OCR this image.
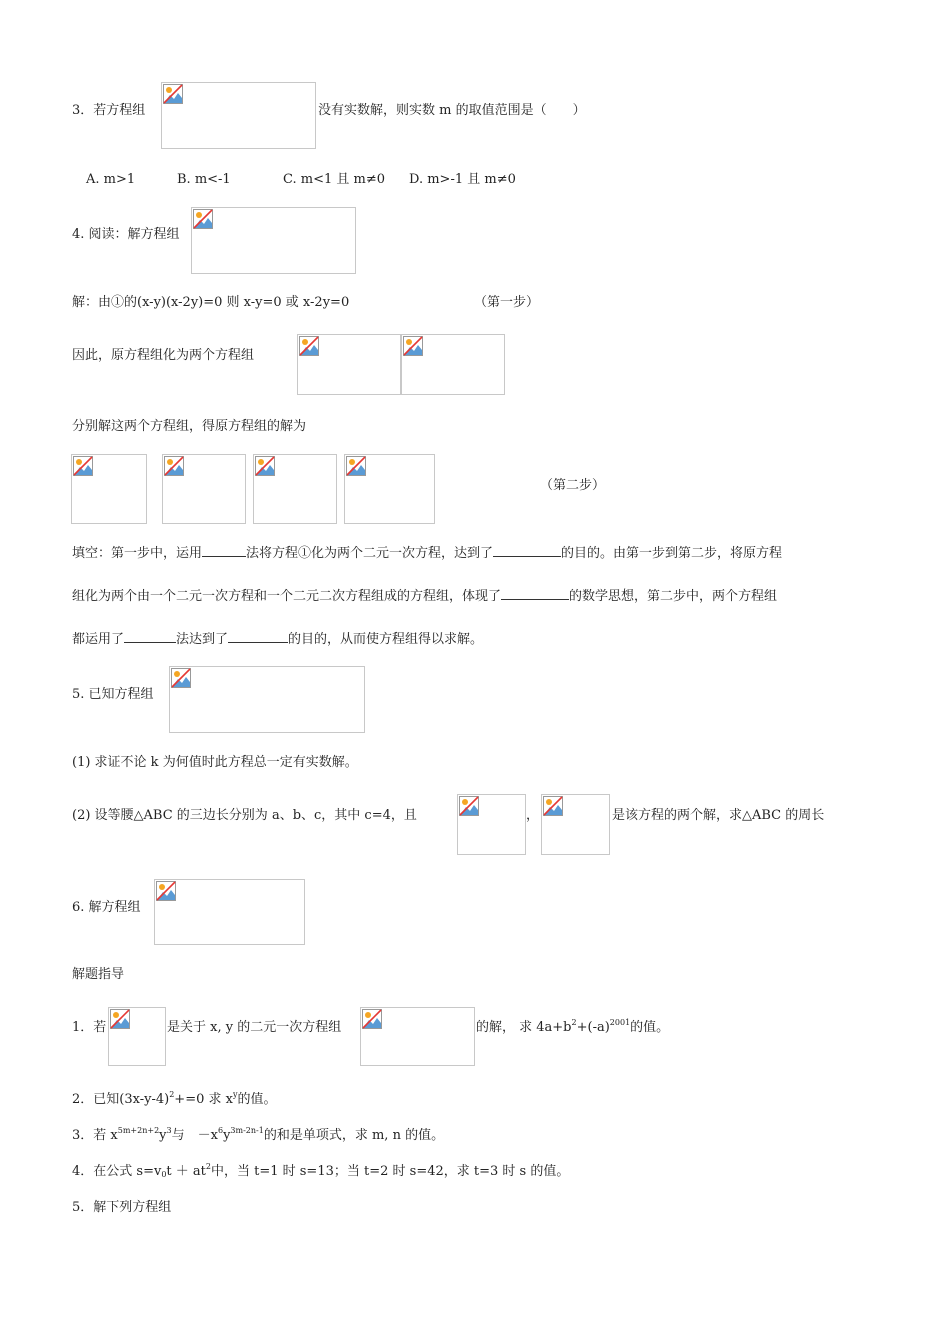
3．若方程组	没有实数解，则实数 m 的取值范围是（　　）
A. m>1	B. m<-1	C. m<1 且 m≠0 D. m>-1 且 m≠0
4. 阅读：解方程组
解：由①的(x-y)(x-2y)=0 则 x-y=0 或 x-2y=0	（第一步）
因此，原方程组化为两个方程组
分别解这两个方程组，得原方程组的解为
（第二步）
填空：第一步中，运用	法将方程①化为两个二元一次方程，达到了	的目的。由第一步到第二步，将原方程
组化为两个由一个二元一次方程和一个二元二次方程组成的方程组，体现了	的数学思想，第二步中，两个方程组
都运用了	法达到了	的目的，从而使方程组得以求解。
5. 已知方程组
(1) 求证不论 k 为何值时此方程总一定有实数解。
(2) 设等腰△ABC 的三边长分别为 a、b、c，其中 c=4，且	，	是该方程的两个解，求△ABC 的周长
6. 解方程组
解题指导
1．若	是关于 x, y 的二元一次方程组	的解， 求 $4a+b^2+(-a)^{2001}$的值。
2．已知$(3x-y-4)^2+=0$ 求 $x^y$的值。
3．若 $x^{5m+2n+2}y^3$与　$-x^6y^{3m-2n-1}$的和是单项式，求 m, n 的值。
4．在公式 $s=v_0t + at^2$中，当 t=1 时 s=13；当 t=2 时 s=42，求 t=3 时 s 的值。
5．解下列方程组
